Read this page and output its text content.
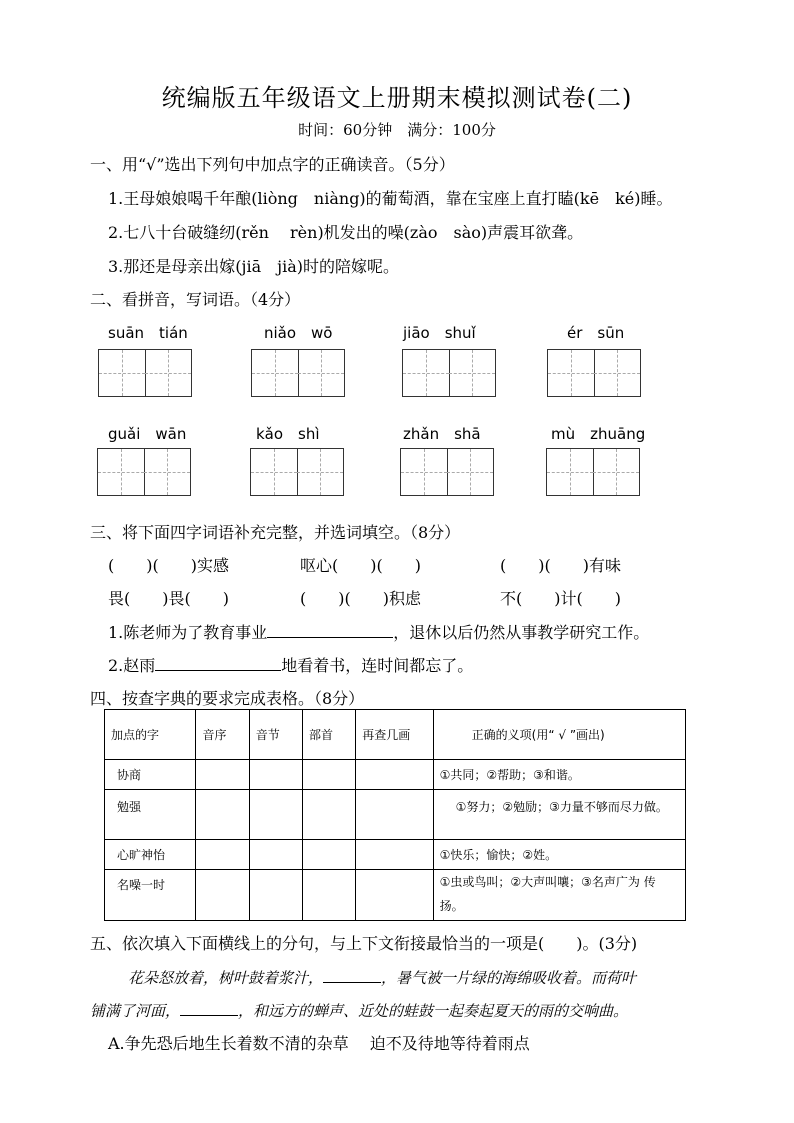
统编版五年级语文上册期末模拟测试卷(二)
时间：60分钟　满分：100分
一、用“√”选出下列句中加点字的正确读音。（5分）
1.王母娘娘喝千年酿(liòng　niàng)的葡萄酒，靠在宝座上直打瞌(kē　ké)睡。
2.七八十台破缝纫(rěn　 rèn)机发出的噪(zào　sào)声震耳欲聋。
3.那还是母亲出嫁(jiā　jià)时的陪嫁呢。
二、看拼音，写词语。（4分）
suān　tián	niǎo　wō	jiāo　shuǐ	ér　sūn
guǎi　wān	kǎo　shì	zhǎn　shā	mù　zhuāng
三、将下面四字词语补充完整，并选词填空。（8分）
(　　)(　　)实感	呕心(　　)(　　)	(　　)(　　)有味
畏(　　)畏(　　)	(　　)(　　)积虑	不(　　)计(　　)
1.陈老师为了教育事业	，退休以后仍然从事教学研究工作。
2.赵雨	地看着书，连时间都忘了。
四、按查字典的要求完成表格。（8分）
加点的字	音序	音节	部首	再查几画	正确的义项(用“ √ ”画出)
协商					①共同；②帮助；③和谐。
勉强					①努力；②勉励；③力量不够而尽力做。
心旷神怡					①快乐；愉快；②姓。
名噪一时					①虫或鸟叫；②大声叫嚷；③名声广为 传扬。
五、依次填入下面横线上的分句，与上下文衔接最恰当的一项是(　　)。(3分)
花朵怒放着，树叶鼓着浆汁，	，暑气被一片绿的海绵吸收着。而荷叶
铺满了河面，	，和远方的蝉声、近处的蛙鼓一起奏起夏天的雨的交响曲。
A.争先恐后地生长着数不清的杂草　 迫不及待地等待着雨点
